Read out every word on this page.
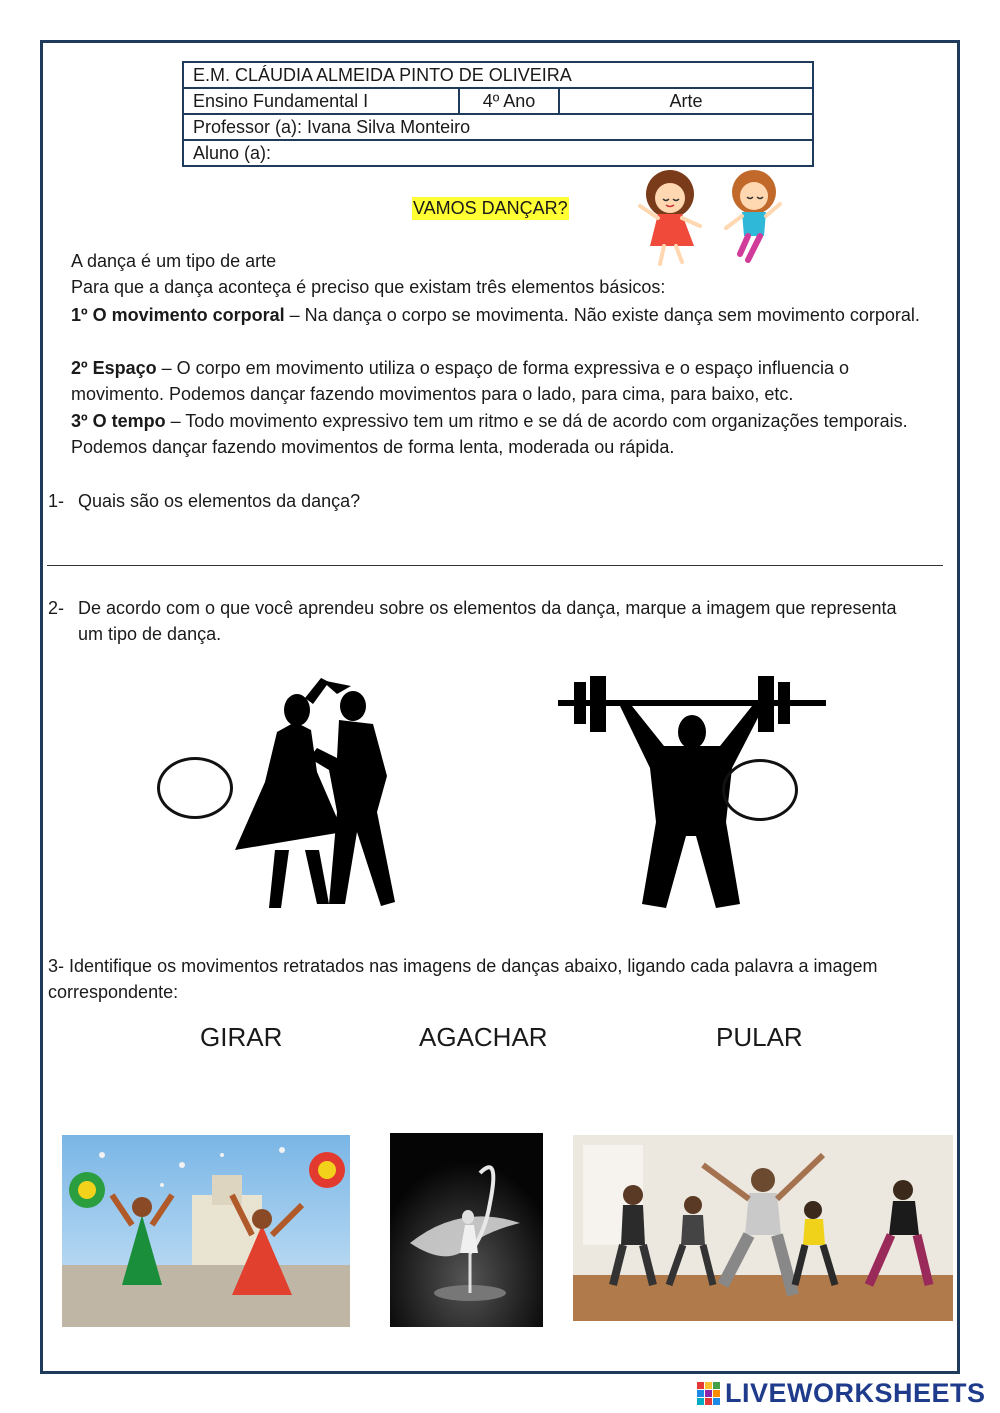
E.M. CLÁUDIA ALMEIDA PINTO DE OLIVEIRA
Ensino Fundamental I	4º Ano	Arte
Professor (a): Ivana Silva Monteiro
Aluno (a):
VAMOS DANÇAR?

A dança é um tipo de arte

Para que a dança aconteça é preciso que existam três elementos básicos:

1º O movimento corporal – Na dança o corpo se movimenta. Não existe dança sem movimento corporal.

2º Espaço – O corpo em movimento utiliza o espaço de forma expressiva e o espaço influencia o movimento. Podemos dançar fazendo movimentos para o lado, para cima, para baixo, etc.

3º O tempo – Todo movimento expressivo tem um ritmo e se dá de acordo com organizações temporais. Podemos dançar fazendo movimentos de forma lenta, moderada ou rápida.

1- Quais são os elementos da dança?

2- De acordo com o que você aprendeu sobre os elementos da dança, marque a imagem que representa um tipo de dança.

3- Identifique os movimentos retratados nas imagens de danças abaixo, ligando cada palavra a imagem correspondente:

GIRAR	AGACHAR	PULAR
LIVEWORKSHEETS
